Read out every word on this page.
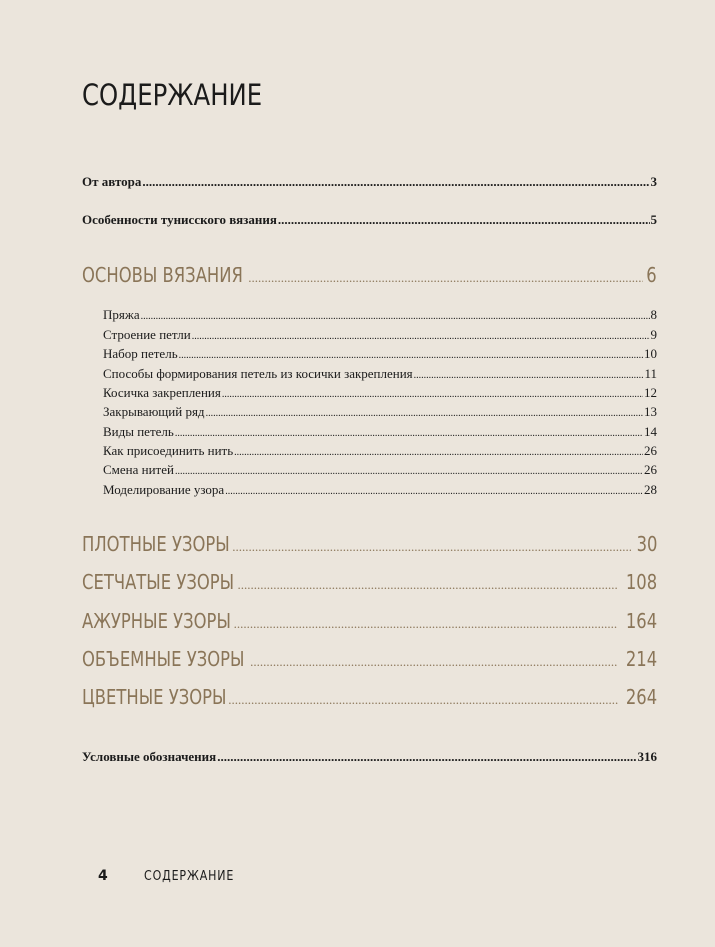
СОДЕРЖАНИЕ
От автора .....	3
Особенности тунисского вязания .....	5
ОСНОВЫ ВЯЗАНИЯ .....	6
Пряжа .....	8
Строение петли .....	9
Набор петель .....	10
Способы формирования петель из косички закрепления .....	11
Косичка закрепления .....	12
Закрывающий ряд .....	13
Виды петель .....	14
Как присоединить нить .....	26
Смена нитей .....	26
Моделирование узора .....	28
ПЛОТНЫЕ УЗОРЫ .....	30
СЕТЧАТЫЕ УЗОРЫ .....	108
АЖУРНЫЕ УЗОРЫ .....	164
ОБЪЕМНЫЕ УЗОРЫ .....	214
ЦВЕТНЫЕ УЗОРЫ .....	264
Условные обозначения .....	316
4	СОДЕРЖАНИЕ
